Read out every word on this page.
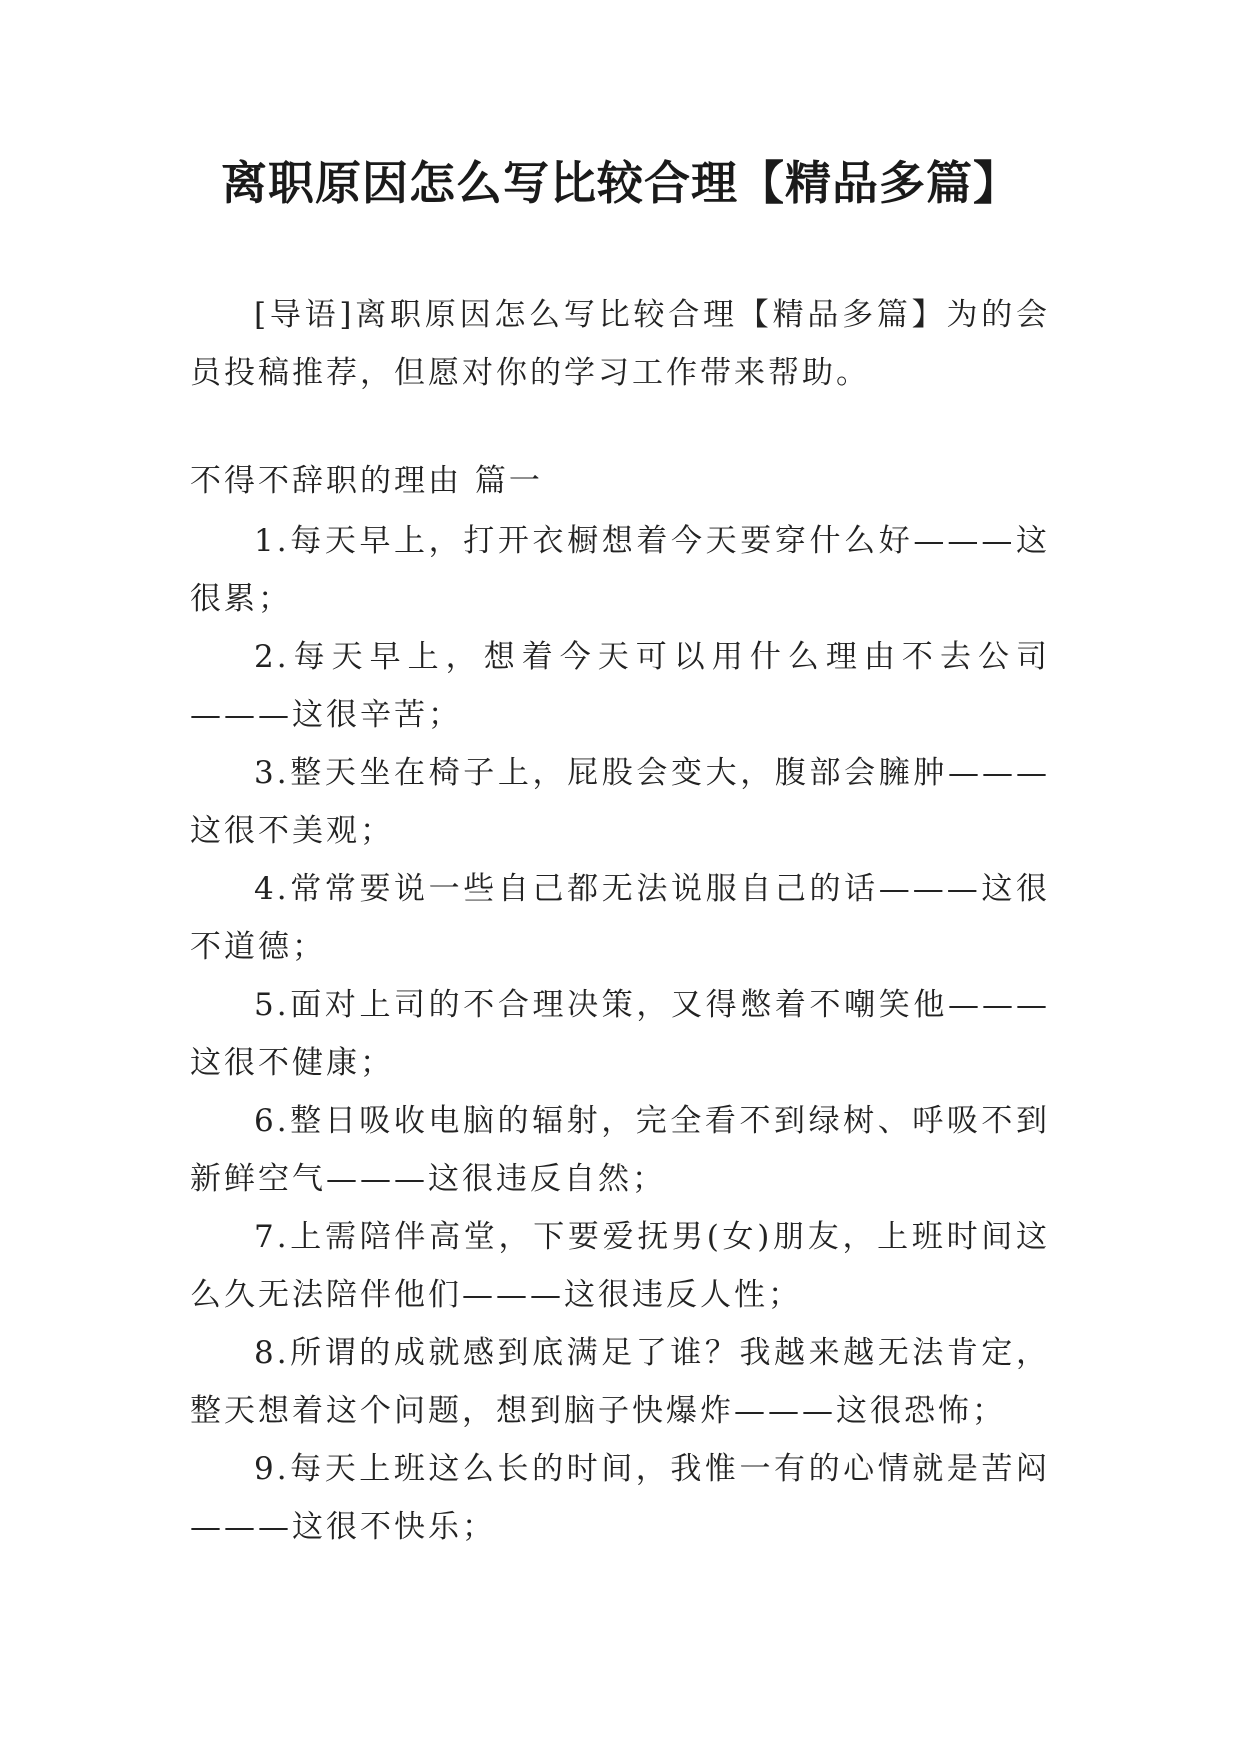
离职原因怎么写比较合理【精品多篇】

[导语]离职原因怎么写比较合理【精品多篇】为的会员投稿推荐，但愿对你的学习工作带来帮助。

不得不辞职的理由 篇一

1.每天早上，打开衣橱想着今天要穿什么好———这很累；
2.每天早上，想着今天可以用什么理由不去公司———这很辛苦；
3.整天坐在椅子上，屁股会变大，腹部会臃肿———这很不美观；
4.常常要说一些自己都无法说服自己的话———这很不道德；
5.面对上司的不合理决策，又得憋着不嘲笑他———这很不健康；
6.整日吸收电脑的辐射，完全看不到绿树、呼吸不到新鲜空气———这很违反自然；
7.上需陪伴高堂，下要爱抚男(女)朋友，上班时间这么久无法陪伴他们———这很违反人性；
8.所谓的成就感到底满足了谁？我越来越无法肯定，整天想着这个问题，想到脑子快爆炸———这很恐怖；
9.每天上班这么长的时间，我惟一有的心情就是苦闷———这很不快乐；
